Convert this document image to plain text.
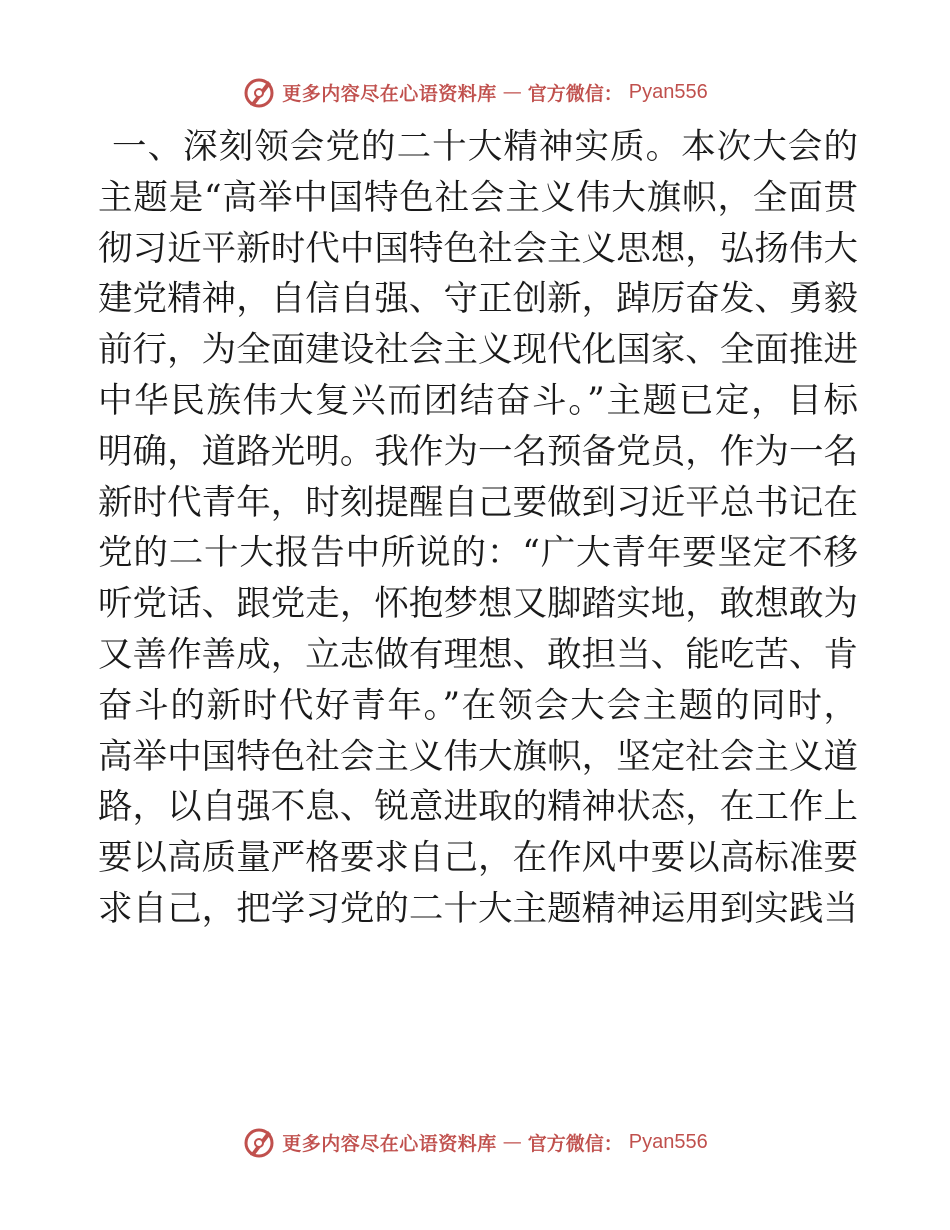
更多内容尽在心语资料库 — 官方微信： Pyan556
一、深刻领会党的二十大精神实质。本次大会的
主题是“高举中国特色社会主义伟大旗帜，全面贯
彻习近平新时代中国特色社会主义思想，弘扬伟大
建党精神，自信自强、守正创新，踔厉奋发、勇毅
前行，为全面建设社会主义现代化国家、全面推进
中华民族伟大复兴而团结奋斗。”主题已定，目标
明确，道路光明。我作为一名预备党员，作为一名
新时代青年，时刻提醒自己要做到习近平总书记在
党的二十大报告中所说的：“广大青年要坚定不移
听党话、跟党走，怀抱梦想又脚踏实地，敢想敢为
又善作善成，立志做有理想、敢担当、能吃苦、肯
奋斗的新时代好青年。”在领会大会主题的同时，
高举中国特色社会主义伟大旗帜，坚定社会主义道
路，以自强不息、锐意进取的精神状态，在工作上
要以高质量严格要求自己，在作风中要以高标准要
求自己，把学习党的二十大主题精神运用到实践当
更多内容尽在心语资料库 — 官方微信： Pyan556
